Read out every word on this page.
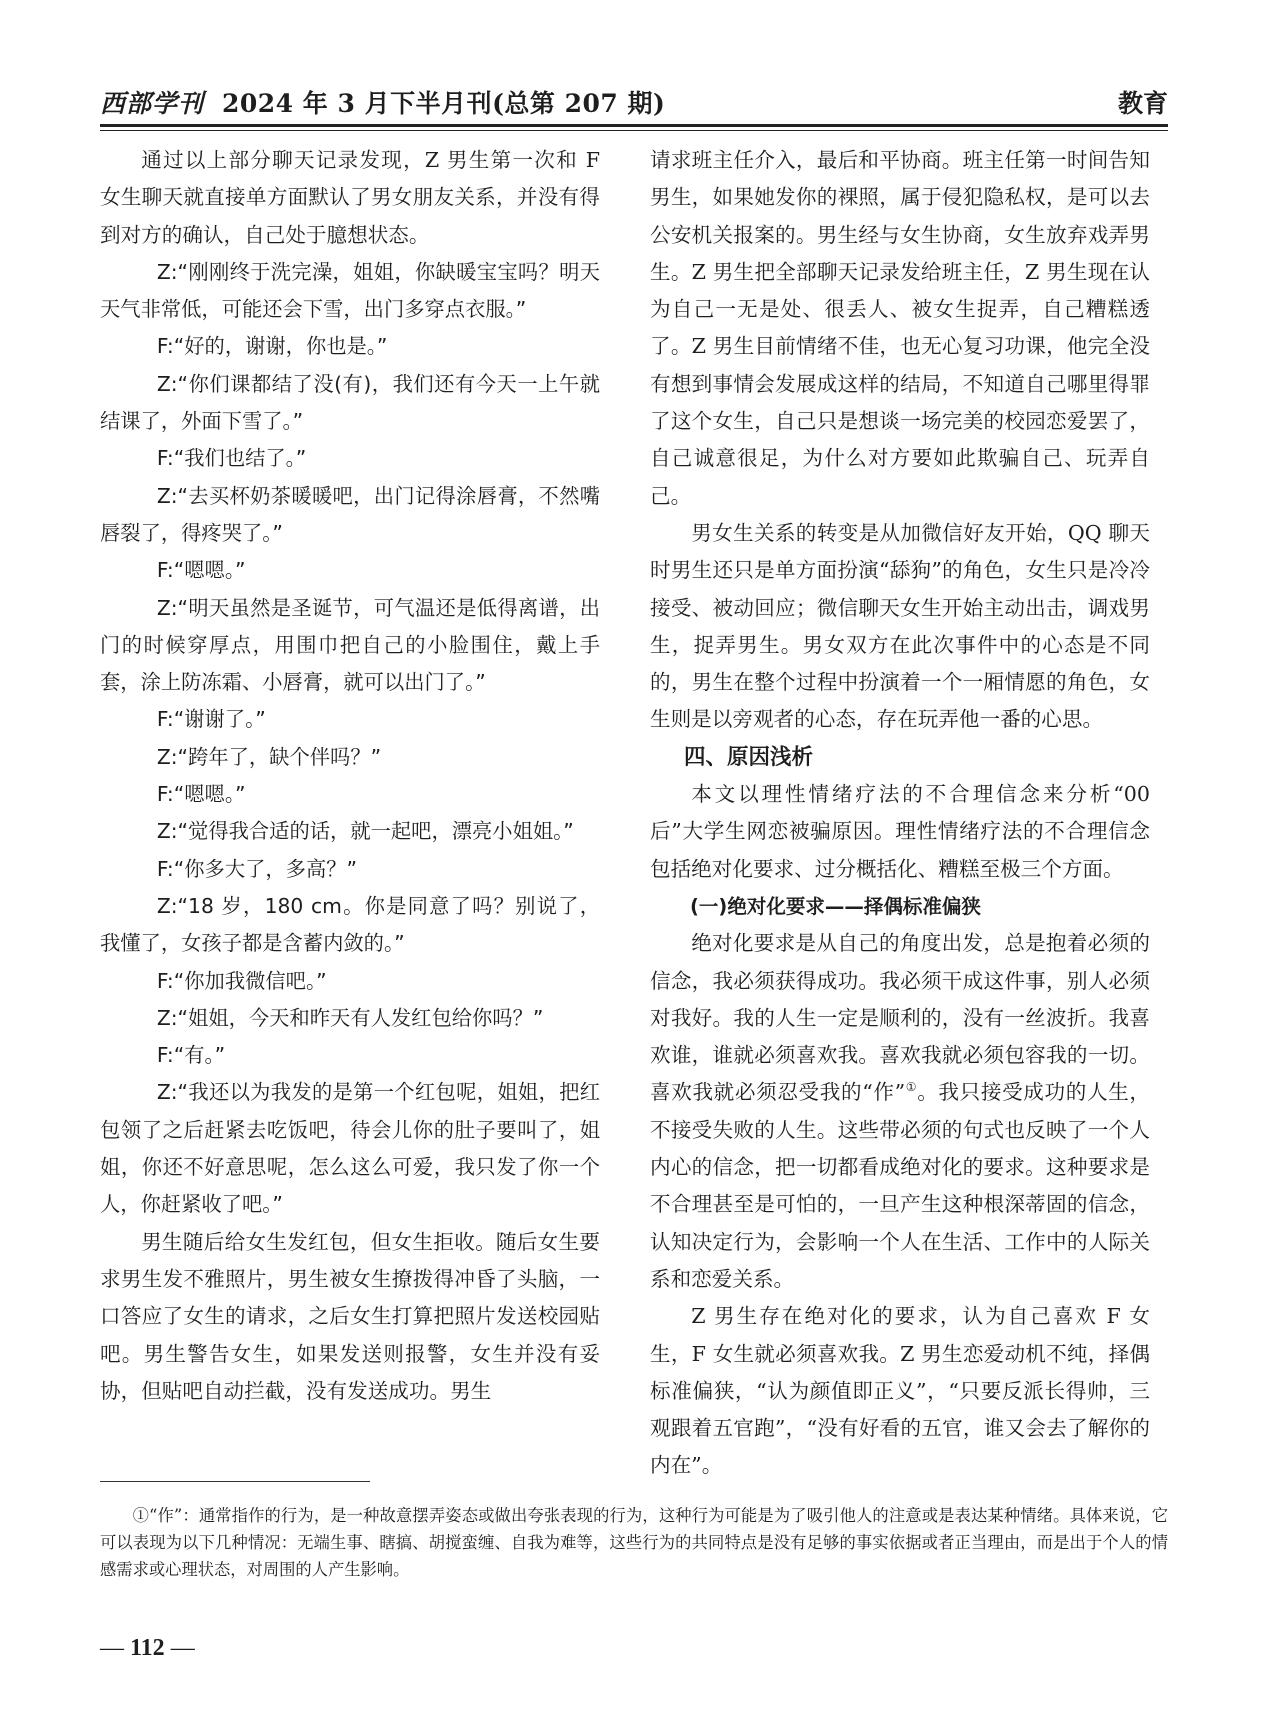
西部学刊 2024 年 3 月下半月刊(总第 207 期)	教育

通过以上部分聊天记录发现，Z 男生第一次和 F 女生聊天就直接单方面默认了男女朋友关系，并没有得到对方的确认，自己处于臆想状态。

Z:“刚刚终于洗完澡，姐姐，你缺暖宝宝吗？明天天气非常低，可能还会下雪，出门多穿点衣服。”

F:“好的，谢谢，你也是。”

Z:“你们课都结了没(有)，我们还有今天一上午就结课了，外面下雪了。”

F:“我们也结了。”

Z:“去买杯奶茶暖暖吧，出门记得涂唇膏，不然嘴唇裂了，得疼哭了。”

F:“嗯嗯。”

Z:“明天虽然是圣诞节，可气温还是低得离谱，出门的时候穿厚点，用围巾把自己的小脸围住，戴上手套，涂上防冻霜、小唇膏，就可以出门了。”

F:“谢谢了。”

Z:“跨年了，缺个伴吗？”

F:“嗯嗯。”

Z:“觉得我合适的话，就一起吧，漂亮小姐姐。”

F:“你多大了，多高？”

Z:“18 岁，180 cm。你是同意了吗？别说了，我懂了，女孩子都是含蓄内敛的。”

F:“你加我微信吧。”

Z:“姐姐，今天和昨天有人发红包给你吗？”

F:“有。”

Z:“我还以为我发的是第一个红包呢，姐姐，把红包领了之后赶紧去吃饭吧，待会儿你的肚子要叫了，姐姐，你还不好意思呢，怎么这么可爱，我只发了你一个人，你赶紧收了吧。”

男生随后给女生发红包，但女生拒收。随后女生要求男生发不雅照片，男生被女生撩拨得冲昏了头脑，一口答应了女生的请求，之后女生打算把照片发送校园贴吧。男生警告女生，如果发送则报警，女生并没有妥协，但贴吧自动拦截，没有发送成功。男生

请求班主任介入，最后和平协商。班主任第一时间告知男生，如果她发你的裸照，属于侵犯隐私权，是可以去公安机关报案的。男生经与女生协商，女生放弃戏弄男生。Z 男生把全部聊天记录发给班主任，Z 男生现在认为自己一无是处、很丢人、被女生捉弄，自己糟糕透了。Z 男生目前情绪不佳，也无心复习功课，他完全没有想到事情会发展成这样的结局，不知道自己哪里得罪了这个女生，自己只是想谈一场完美的校园恋爱罢了，自己诚意很足，为什么对方要如此欺骗自己、玩弄自己。

男女生关系的转变是从加微信好友开始，QQ 聊天时男生还只是单方面扮演“舔狗”的角色，女生只是冷冷接受、被动回应；微信聊天女生开始主动出击，调戏男生，捉弄男生。男女双方在此次事件中的心态是不同的，男生在整个过程中扮演着一个一厢情愿的角色，女生则是以旁观者的心态，存在玩弄他一番的心思。

四、原因浅析

本文以理性情绪疗法的不合理信念来分析“00后”大学生网恋被骗原因。理性情绪疗法的不合理信念包括绝对化要求、过分概括化、糟糕至极三个方面。

(一)绝对化要求——择偶标准偏狭

绝对化要求是从自己的角度出发，总是抱着必须的信念，我必须获得成功。我必须干成这件事，别人必须对我好。我的人生一定是顺利的，没有一丝波折。我喜欢谁，谁就必须喜欢我。喜欢我就必须包容我的一切。喜欢我就必须忍受我的“作”①。我只接受成功的人生，不接受失败的人生。这些带必须的句式也反映了一个人内心的信念，把一切都看成绝对化的要求。这种要求是不合理甚至是可怕的，一旦产生这种根深蒂固的信念，认知决定行为，会影响一个人在生活、工作中的人际关系和恋爱关系。

Z 男生存在绝对化的要求，认为自己喜欢 F 女生，F 女生就必须喜欢我。Z 男生恋爱动机不纯，择偶标准偏狭，“认为颜值即正义”，“只要反派长得帅，三观跟着五官跑”，“没有好看的五官，谁又会去了解你的内在”。

①“作”：通常指作的行为，是一种故意摆弄姿态或做出夸张表现的行为，这种行为可能是为了吸引他人的注意或是表达某种情绪。具体来说，它可以表现为以下几种情况：无端生事、瞎搞、胡搅蛮缠、自我为难等，这些行为的共同特点是没有足够的事实依据或者正当理由，而是出于个人的情感需求或心理状态，对周围的人产生影响。

— 112 —
